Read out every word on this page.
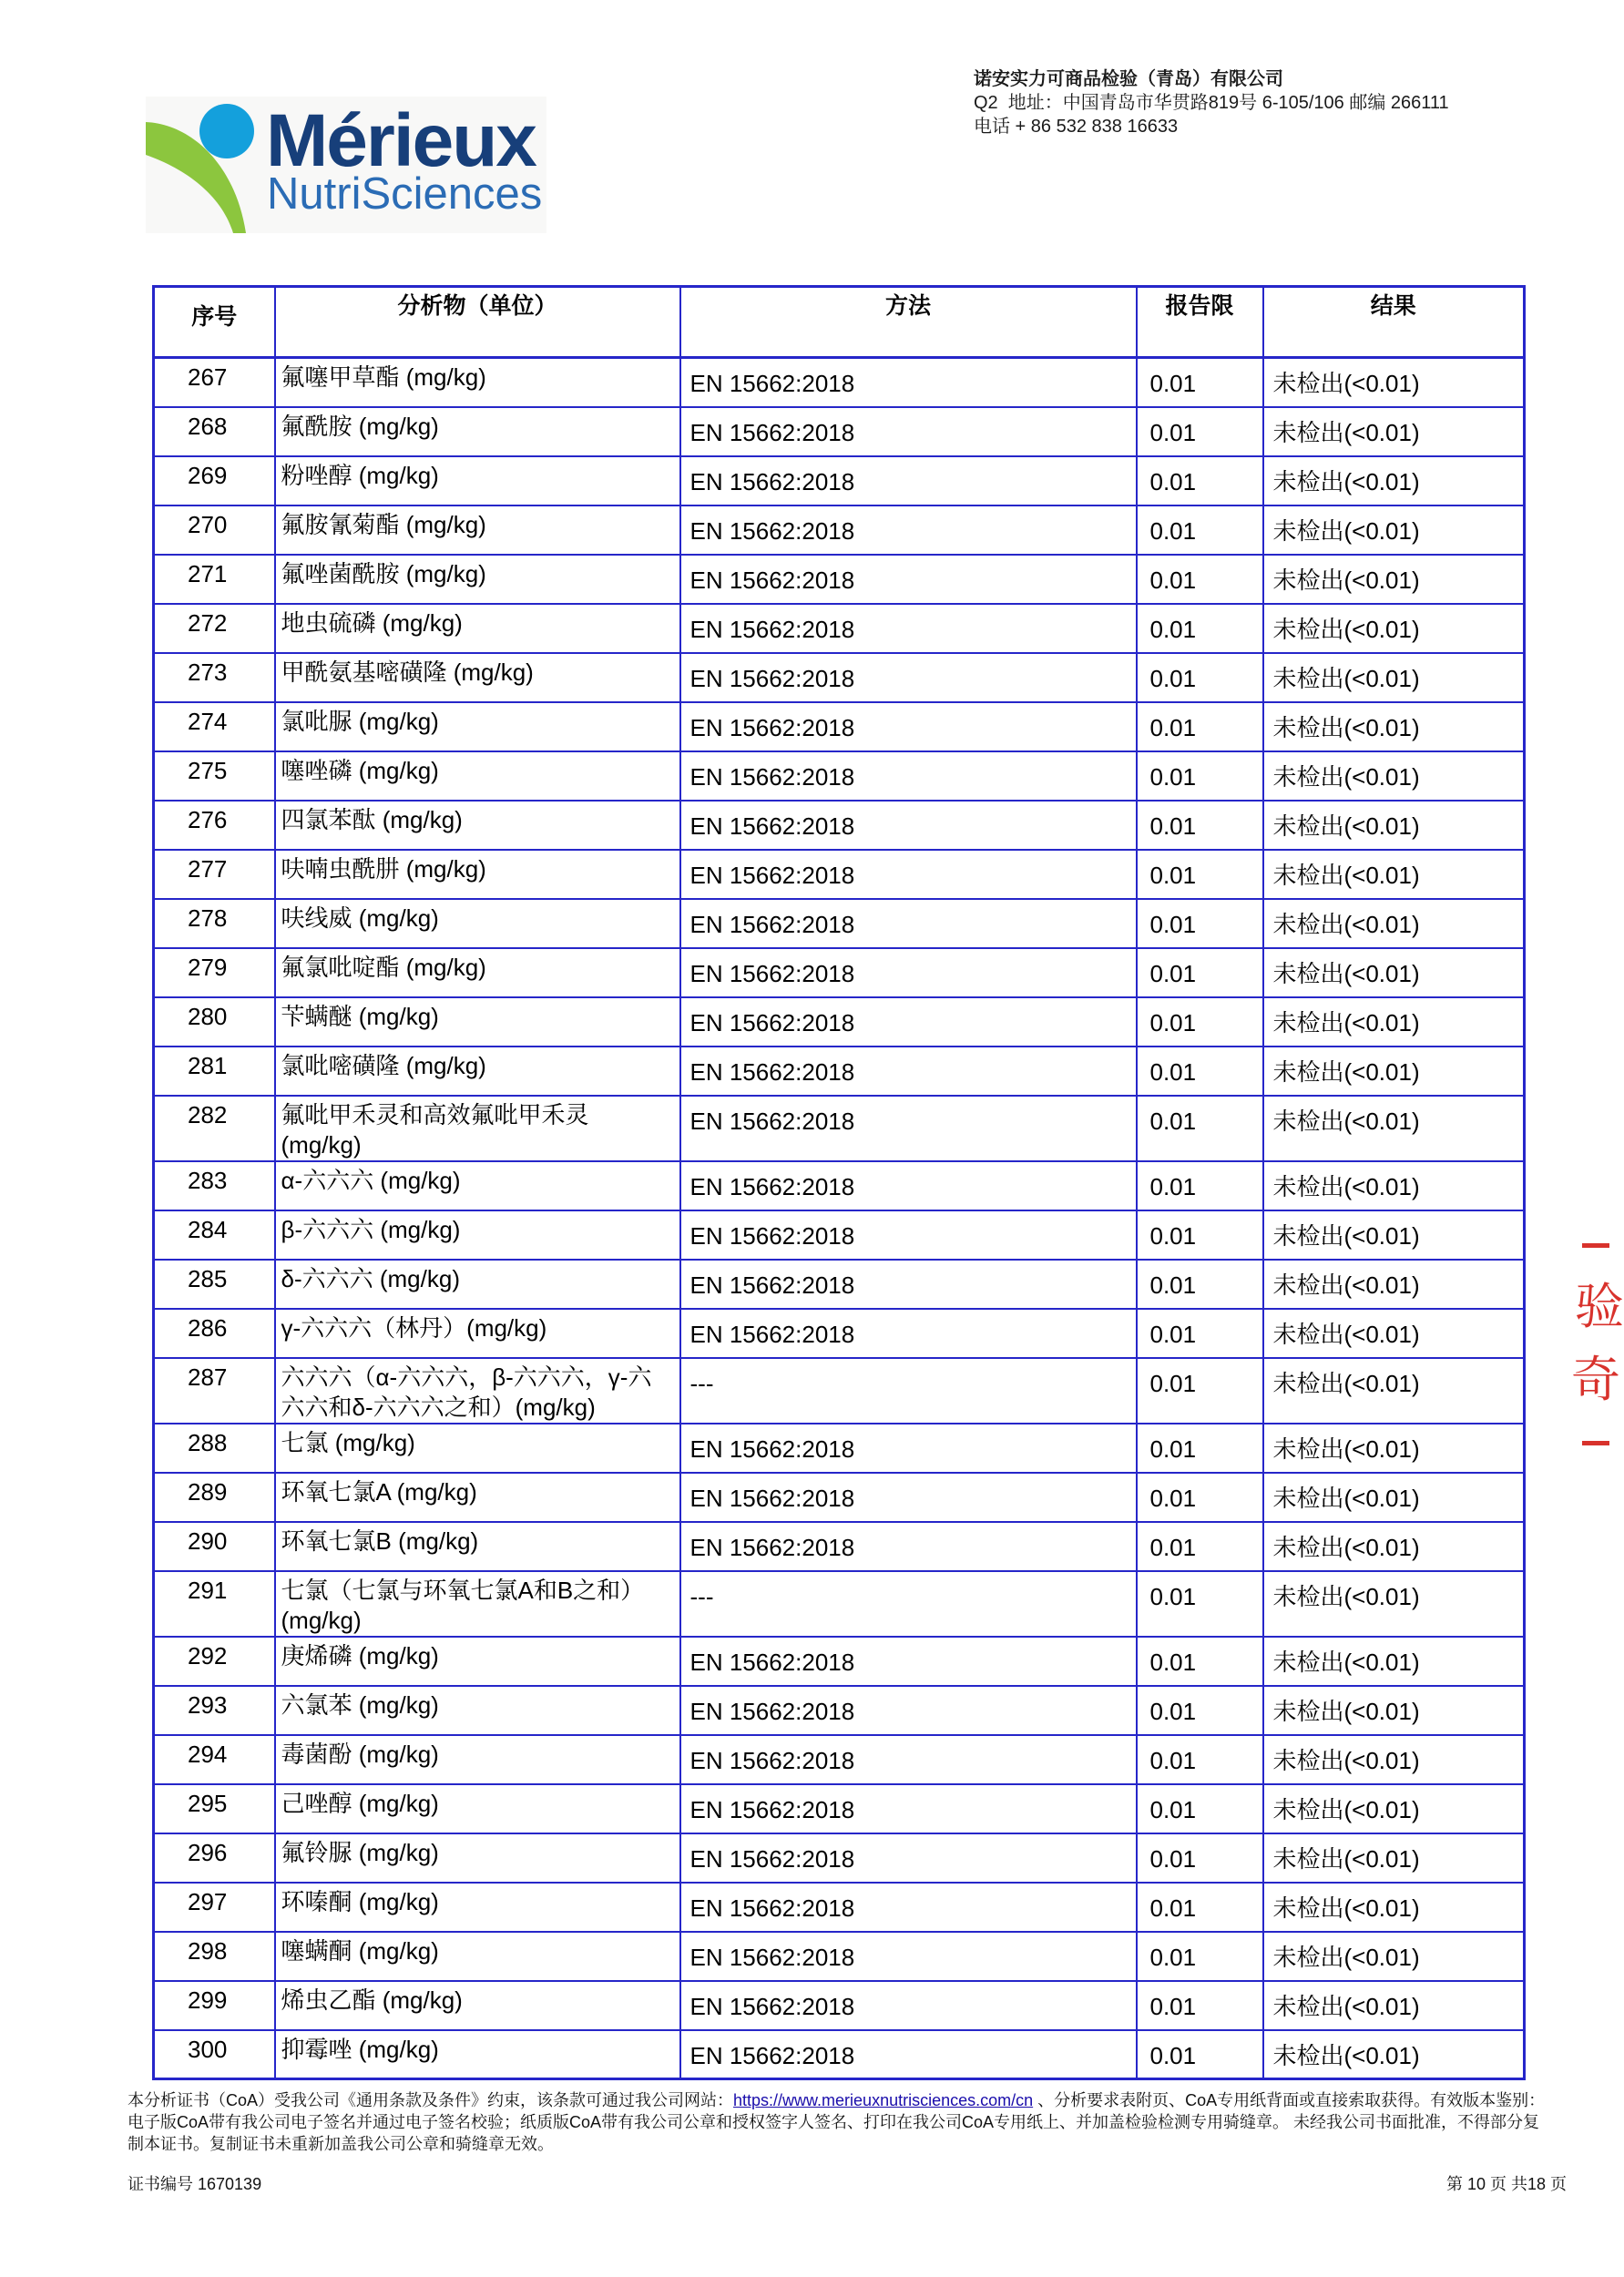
Mérieux
NutriSciences
诺安实力可商品检验（青岛）有限公司
Q2  地址：中国青岛市华贯路819号 6-105/106 邮编 266111
电话 + 86 532 838 16633
序号	分析物（单位）	方法	报告限	结果
267	氟噻甲草酯 (mg/kg)	EN 15662:2018	0.01	未检出(<0.01)
268	氟酰胺 (mg/kg)	EN 15662:2018	0.01	未检出(<0.01)
269	粉唑醇 (mg/kg)	EN 15662:2018	0.01	未检出(<0.01)
270	氟胺氰菊酯 (mg/kg)	EN 15662:2018	0.01	未检出(<0.01)
271	氟唑菌酰胺 (mg/kg)	EN 15662:2018	0.01	未检出(<0.01)
272	地虫硫磷 (mg/kg)	EN 15662:2018	0.01	未检出(<0.01)
273	甲酰氨基嘧磺隆 (mg/kg)	EN 15662:2018	0.01	未检出(<0.01)
274	氯吡脲 (mg/kg)	EN 15662:2018	0.01	未检出(<0.01)
275	噻唑磷 (mg/kg)	EN 15662:2018	0.01	未检出(<0.01)
276	四氯苯酞 (mg/kg)	EN 15662:2018	0.01	未检出(<0.01)
277	呋喃虫酰肼 (mg/kg)	EN 15662:2018	0.01	未检出(<0.01)
278	呋线威 (mg/kg)	EN 15662:2018	0.01	未检出(<0.01)
279	氟氯吡啶酯 (mg/kg)	EN 15662:2018	0.01	未检出(<0.01)
280	苄螨醚 (mg/kg)	EN 15662:2018	0.01	未检出(<0.01)
281	氯吡嘧磺隆 (mg/kg)	EN 15662:2018	0.01	未检出(<0.01)
282	氟吡甲禾灵和高效氟吡甲禾灵 (mg/kg)	EN 15662:2018	0.01	未检出(<0.01)
283	α-六六六 (mg/kg)	EN 15662:2018	0.01	未检出(<0.01)
284	β-六六六 (mg/kg)	EN 15662:2018	0.01	未检出(<0.01)
285	δ-六六六 (mg/kg)	EN 15662:2018	0.01	未检出(<0.01)
286	γ-六六六（林丹）(mg/kg)	EN 15662:2018	0.01	未检出(<0.01)
287	六六六（α-六六六，β-六六六，γ-六六六和δ-六六六之和）(mg/kg)	---	0.01	未检出(<0.01)
288	七氯 (mg/kg)	EN 15662:2018	0.01	未检出(<0.01)
289	环氧七氯A (mg/kg)	EN 15662:2018	0.01	未检出(<0.01)
290	环氧七氯B (mg/kg)	EN 15662:2018	0.01	未检出(<0.01)
291	七氯（七氯与环氧七氯A和B之和）(mg/kg)	---	0.01	未检出(<0.01)
292	庚烯磷 (mg/kg)	EN 15662:2018	0.01	未检出(<0.01)
293	六氯苯 (mg/kg)	EN 15662:2018	0.01	未检出(<0.01)
294	毒菌酚 (mg/kg)	EN 15662:2018	0.01	未检出(<0.01)
295	己唑醇 (mg/kg)	EN 15662:2018	0.01	未检出(<0.01)
296	氟铃脲 (mg/kg)	EN 15662:2018	0.01	未检出(<0.01)
297	环嗪酮 (mg/kg)	EN 15662:2018	0.01	未检出(<0.01)
298	噻螨酮 (mg/kg)	EN 15662:2018	0.01	未检出(<0.01)
299	烯虫乙酯 (mg/kg)	EN 15662:2018	0.01	未检出(<0.01)
300	抑霉唑 (mg/kg)	EN 15662:2018	0.01	未检出(<0.01)
验
奇
本分析证书（CoA）受我公司《通用条款及条件》约束，该条款可通过我公司网站：https://www.merieuxnutrisciences.com/cn 、分析要求表附页、CoA专用纸背面或直接索取获得。有效版本鉴别：电子版CoA带有我公司电子签名并通过电子签名校验；纸质版CoA带有我公司公章和授权签字人签名、打印在我公司CoA专用纸上、并加盖检验检测专用骑缝章。 未经我公司书面批准，不得部分复制本证书。复制证书未重新加盖我公司公章和骑缝章无效。
证书编号 1670139	第 10 页 共18 页
